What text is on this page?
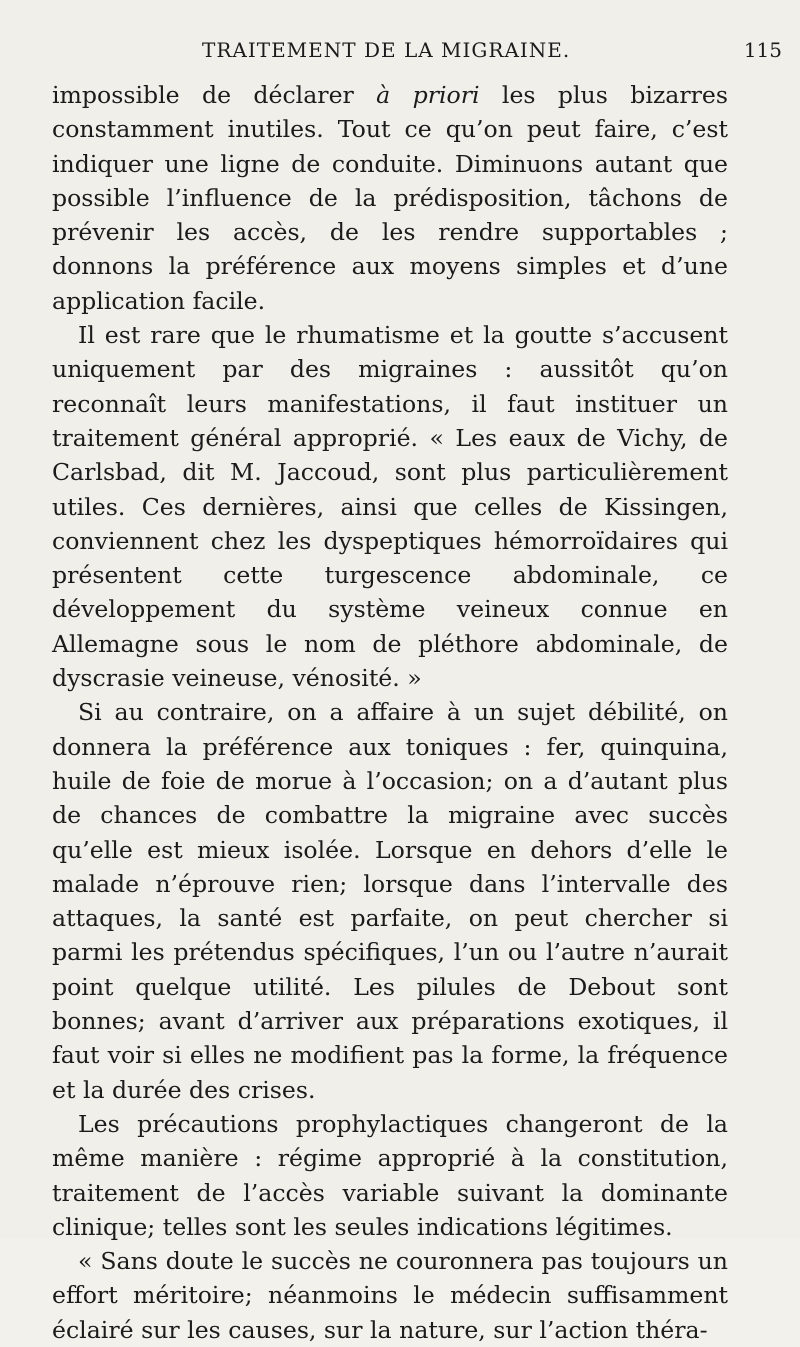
TRAITEMENT DE LA MIGRAINE.	115

impossible de déclarer à priori les plus bizarres constamment inutiles. Tout ce qu’on peut faire, c’est indiquer une ligne de conduite. Diminuons autant que possible l’influence de la prédisposition, tâchons de prévenir les accès, de les rendre supportables ; donnons la préférence aux moyens simples et d’une application facile.

Il est rare que le rhumatisme et la goutte s’accusent uniquement par des migraines : aussitôt qu’on reconnaît leurs manifestations, il faut instituer un traitement général approprié. « Les eaux de Vichy, de Carlsbad, dit M. Jaccoud, sont plus particulièrement utiles. Ces dernières, ainsi que celles de Kissingen, conviennent chez les dyspeptiques hémorroïdaires qui présentent cette turgescence abdominale, ce développement du système veineux connue en Allemagne sous le nom de pléthore abdominale, de dyscrasie veineuse, vénosité. »

Si au contraire, on a affaire à un sujet débilité, on donnera la préférence aux toniques : fer, quinquina, huile de foie de morue à l’occasion; on a d’autant plus de chances de combattre la migraine avec succès qu’elle est mieux isolée. Lorsque en dehors d’elle le malade n’éprouve rien; lorsque dans l’intervalle des attaques, la santé est parfaite, on peut chercher si parmi les prétendus spécifiques, l’un ou l’autre n’aurait point quelque utilité. Les pilules de Debout sont bonnes; avant d’arriver aux préparations exotiques, il faut voir si elles ne modifient pas la forme, la fréquence et la durée des crises.

Les précautions prophylactiques changeront de la même manière : régime approprié à la constitution, traitement de l’accès variable suivant la dominante clinique; telles sont les seules indications légitimes.

« Sans doute le succès ne couronnera pas toujours un effort méritoire; néanmoins le médecin suffisamment éclairé sur les causes, sur la nature, sur l’action théra-
